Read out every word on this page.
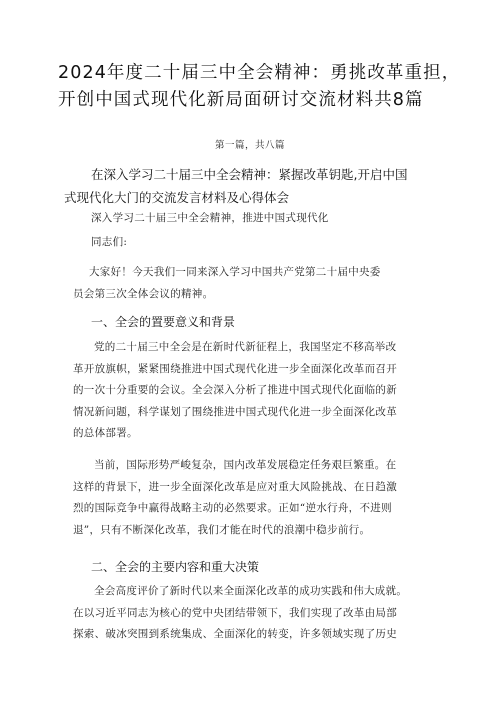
2024年度二十届三中全会精神：勇挑改革重担，
开创中国式现代化新局面研讨交流材料共8篇
第一篇，共八篇
在深入学习二十届三中全会精神：紧握改革钥匙,开启中国
式现代化大门的交流发言材料及心得体会

深入学习二十届三中全会精神，推进中国式现代化

同志们:

大家好！今天我们一同来深入学习中国共产党第二十届中央委
员会第三次全体会议的精神。

一、全会的置要意义和背景

党的二十届三中全会是在新时代新征程上，我国坚定不移高举改
革开放旗帜，紧紧围绕推进中国式现代化进一步全面深化改革而召开
的一次十分重要的会议。全会深入分析了推进中国式现代化面临的新
情况新问题，科学谋划了围绕推进中国式现代化进一步全面深化改革
的总体部署。

当前，国际形势严峻复杂，国内改革发展稳定任务艰巨繁重。在
这样的背景下，进一步全面深化改革是应对重大风险挑战、在日趋激
烈的国际竞争中赢得战略主动的必然要求。正如“逆水行舟，不进则
退”，只有不断深化改革，我们才能在时代的浪潮中稳步前行。

二、全会的主要内容和重大决策

全会高度评价了新时代以来全面深化改革的成功实践和伟大成就。
在以习近平同志为核心的党中央团结带领下，我们实现了改革由局部
探索、破冰突围到系统集成、全面深化的转变，许多领域实现了历史
